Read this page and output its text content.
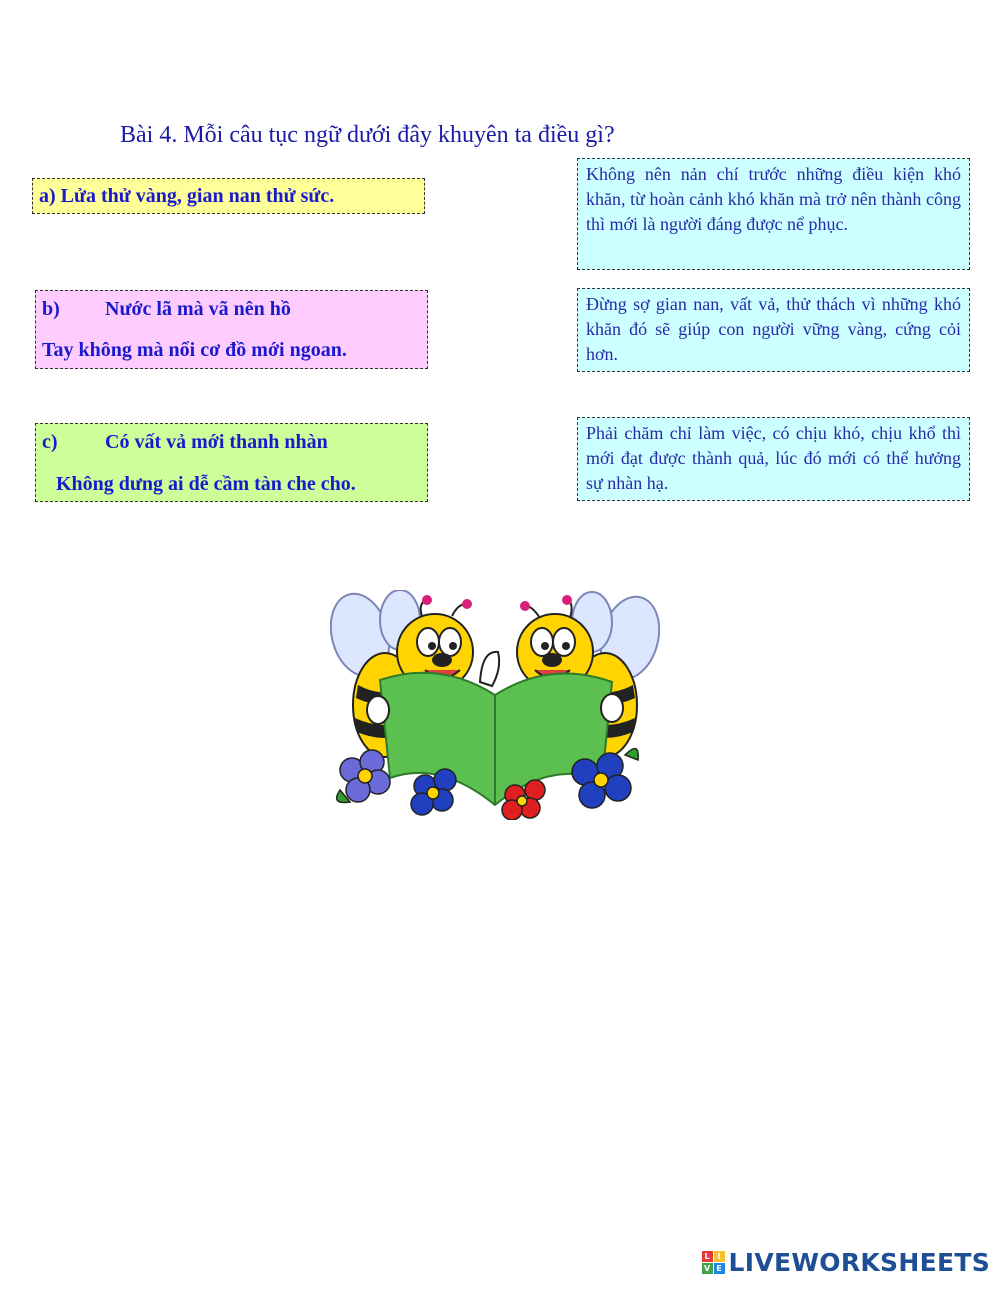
Bài 4. Mỗi câu tục ngữ dưới đây khuyên ta điều gì?
a) Lửa thử vàng, gian nan thử sức.
b) Nước lã mà vã nên hồ
Tay không mà nổi cơ đồ mới ngoan.
c) Có vất vả mới thanh nhàn
Không dưng ai dễ cầm tàn che cho.
Không nên nản chí trước những điều kiện khó khăn, từ hoàn cảnh khó khăn mà trở nên thành công thì mới là người đáng được nể phục.
Đừng sợ gian nan, vất vả, thử thách vì những khó khăn đó sẽ giúp con người vững vàng, cứng cỏi hơn.
Phải chăm chỉ làm việc, có chịu khó, chịu khổ thì mới đạt được thành quả, lúc đó mới có thể hưởng sự nhàn hạ.
L I
V E LIVEWORKSHEETS
